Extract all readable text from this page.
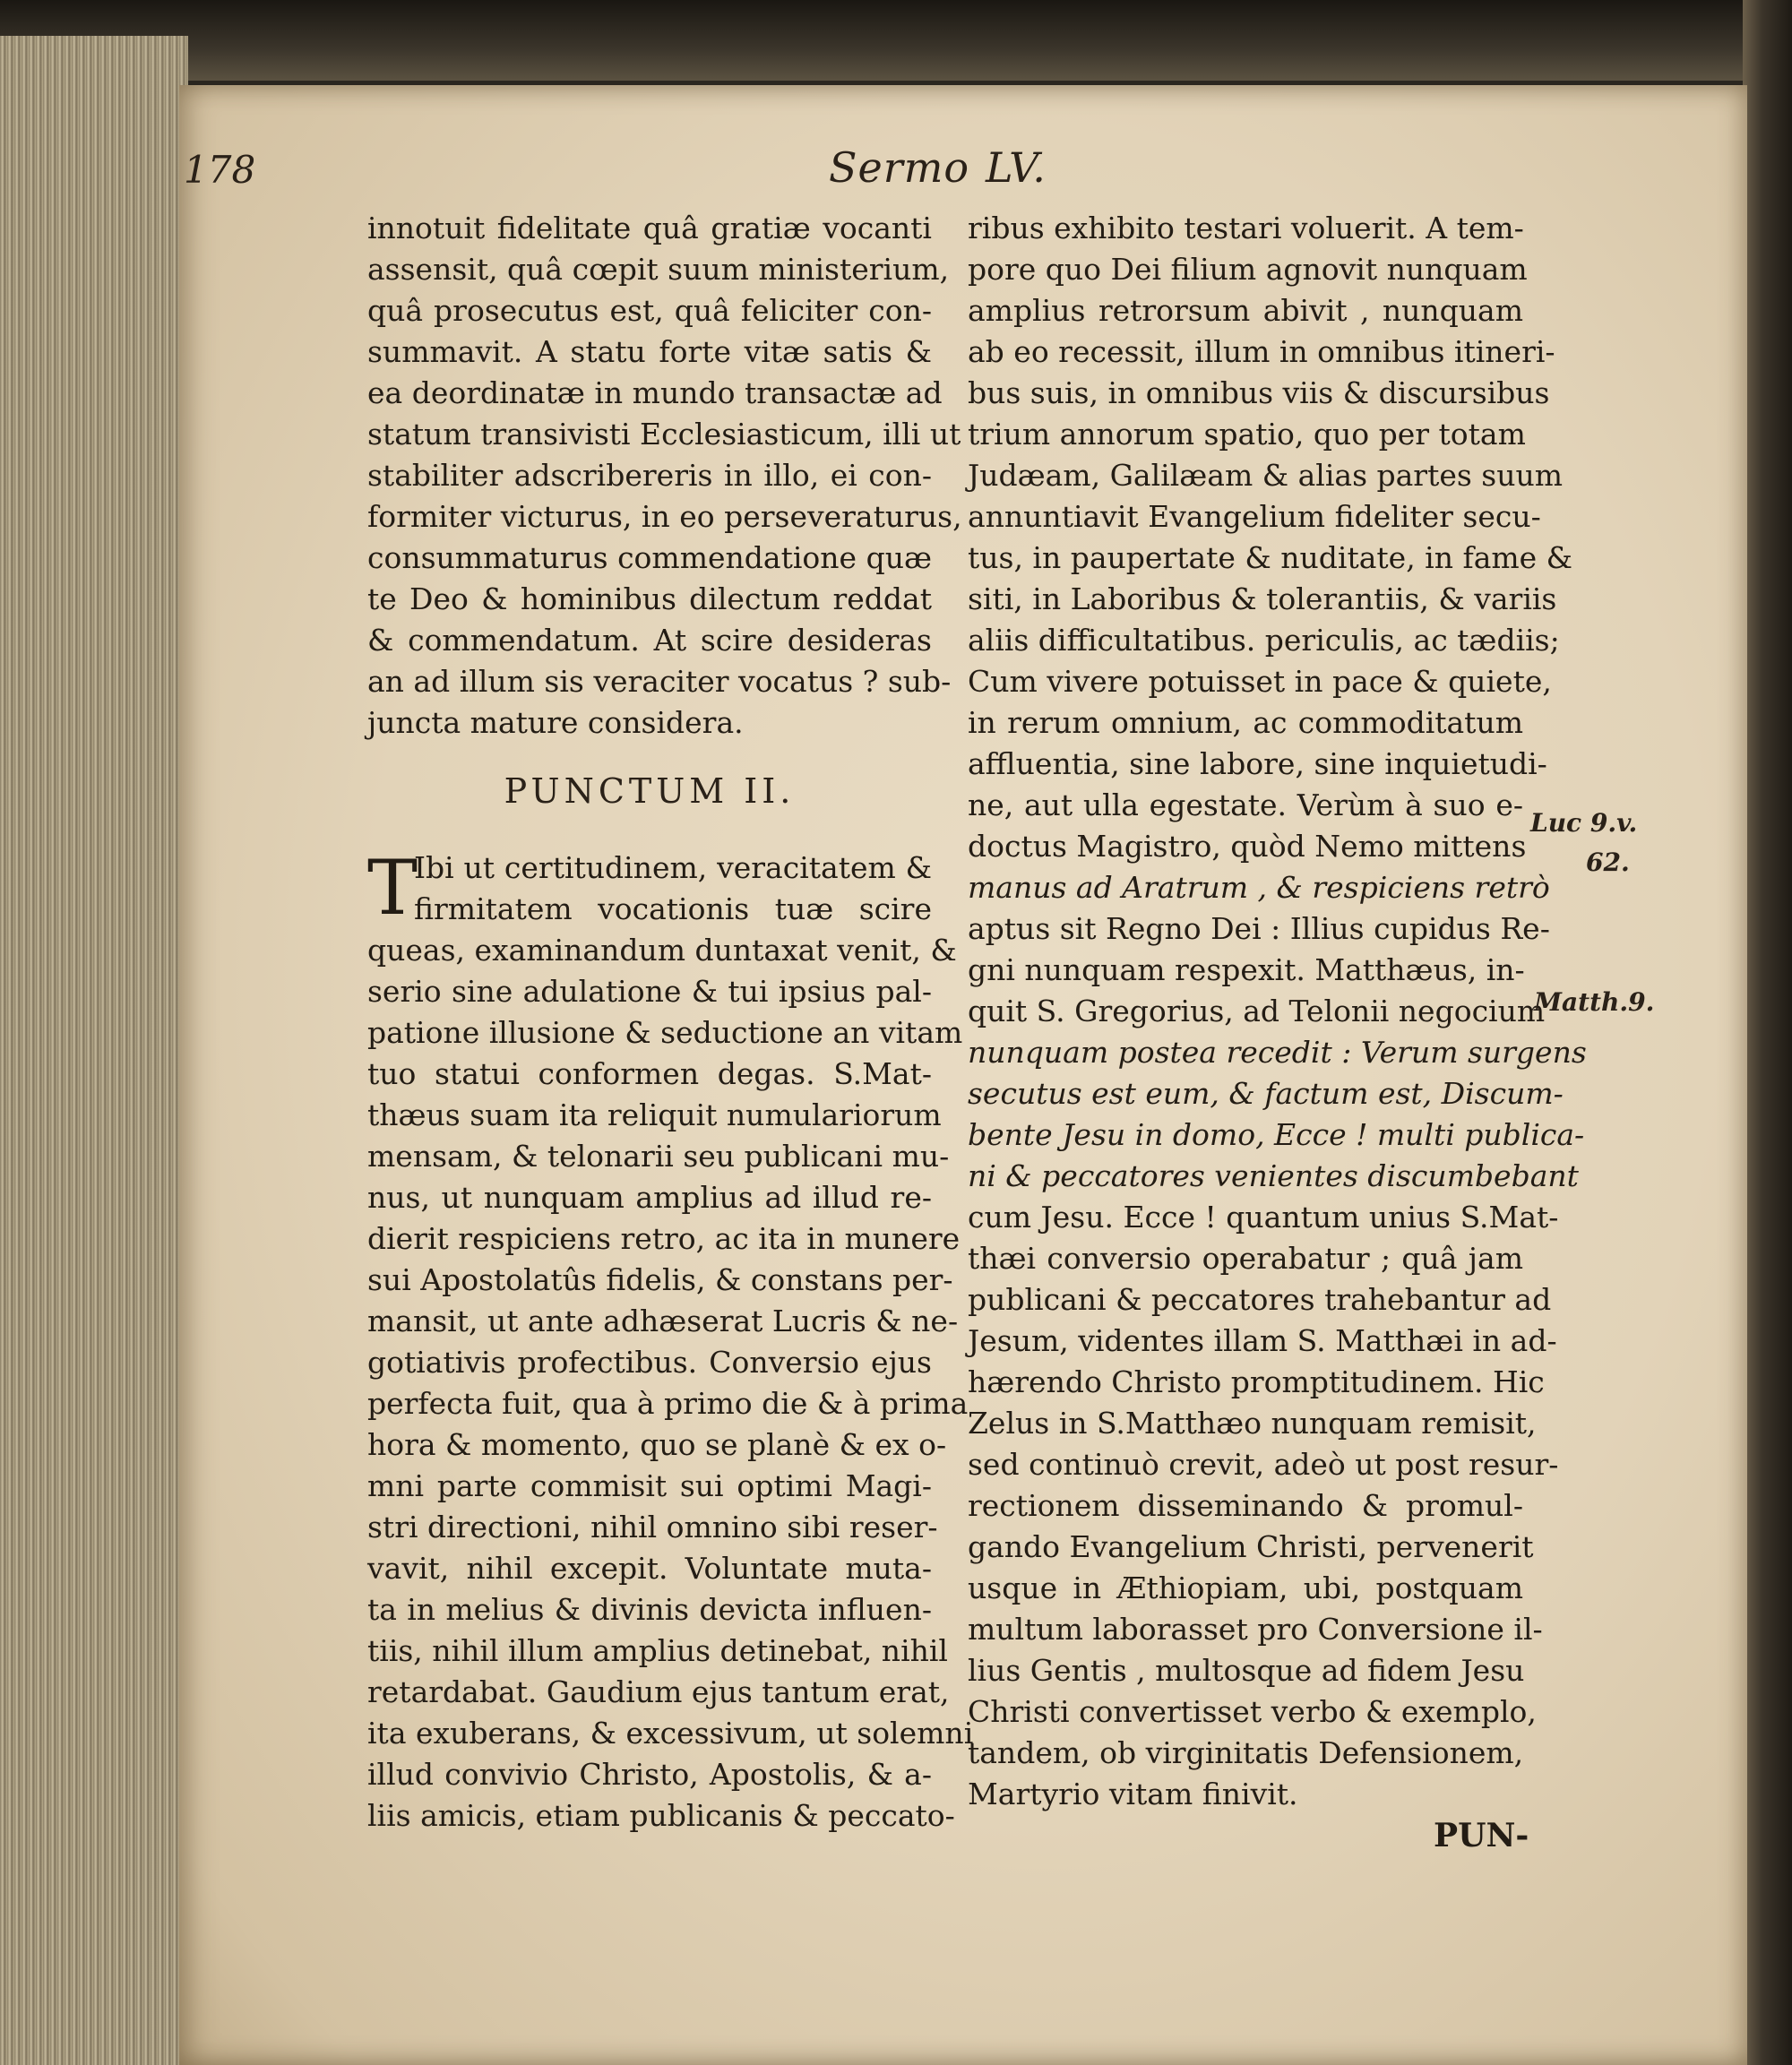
178	Sermo LV.
innotuit fidelitate quâ gratiæ vocanti
assensit, quâ cœpit suum ministerium,
quâ prosecutus est, quâ feliciter con-
summavit. A statu forte vitæ satis &
ea deordinatæ in mundo transactæ ad
statum transivisti Ecclesiasticum, illi ut
stabiliter adscribereris in illo, ei con-
formiter victurus, in eo perseveraturus,
consummaturus commendatione quæ
te Deo & hominibus dilectum reddat
& commendatum. At scire desideras
an ad illum sis veraciter vocatus ? sub-
juncta mature considera.
PUNCTUM II.
T
Ibi ut certitudinem, veracitatem &
firmitatem vocationis tuæ scire
queas, examinandum duntaxat venit, &
serio sine adulatione & tui ipsius pal-
patione illusione & seductione an vitam
tuo statui conformen degas. S.Mat-
thæus suam ita reliquit numulariorum
mensam, & telonarii seu publicani mu-
nus, ut nunquam amplius ad illud re-
dierit respiciens retro, ac ita in munere
sui Apostolatûs fidelis, & constans per-
mansit, ut ante adhæserat Lucris & ne-
gotiativis profectibus. Conversio ejus
perfecta fuit, qua à primo die & à prima
hora & momento, quo se planè & ex o-
mni parte commisit sui optimi Magi-
stri directioni, nihil omnino sibi reser-
vavit, nihil excepit. Voluntate muta-
ta in melius & divinis devicta influen-
tiis, nihil illum amplius detinebat, nihil
retardabat. Gaudium ejus tantum erat,
ita exuberans, & excessivum, ut solemni
illud convivio Christo, Apostolis, & a-
liis amicis, etiam publicanis & peccato-
ribus exhibito testari voluerit. A tem-
pore quo Dei filium agnovit nunquam
amplius retrorsum abivit , nunquam
ab eo recessit, illum in omnibus itineri-
bus suis, in omnibus viis & discursibus
trium annorum spatio, quo per totam
Judæam, Galilæam & alias partes suum
annuntiavit Evangelium fideliter secu-
tus, in paupertate & nuditate, in fame &
siti, in Laboribus & tolerantiis, & variis
aliis difficultatibus. periculis, ac tædiis;
Cum vivere potuisset in pace & quiete,
in rerum omnium, ac commoditatum
affluentia, sine labore, sine inquietudi-
ne, aut ulla egestate. Verùm à suo e-
doctus Magistro, quòd Nemo mittens
manus ad Aratrum , & respiciens retrò
aptus sit Regno Dei : Illius cupidus Re-
gni nunquam respexit. Matthæus, in-
quit S. Gregorius, ad Telonii negocium
nunquam postea recedit : Verum surgens
secutus est eum, & factum est, Discum-
bente Jesu in domo, Ecce ! multi publica-
ni & peccatores venientes discumbebant
cum Jesu. Ecce ! quantum unius S.Mat-
thæi conversio operabatur ; quâ jam
publicani & peccatores trahebantur ad
Jesum, videntes illam S. Matthæi in ad-
hærendo Christo promptitudinem. Hic
Zelus in S.Matthæo nunquam remisit,
sed continuò crevit, adeò ut post resur-
rectionem disseminando & promul-
gando Evangelium Christi, pervenerit
usque in Æthiopiam, ubi, postquam
multum laborasset pro Conversione il-
lius Gentis , multosque ad fidem Jesu
Christi convertisset verbo & exemplo,
tandem, ob virginitatis Defensionem,
Martyrio vitam finivit.
Luc 9.v.
62.
Matth.9.
PUN-
